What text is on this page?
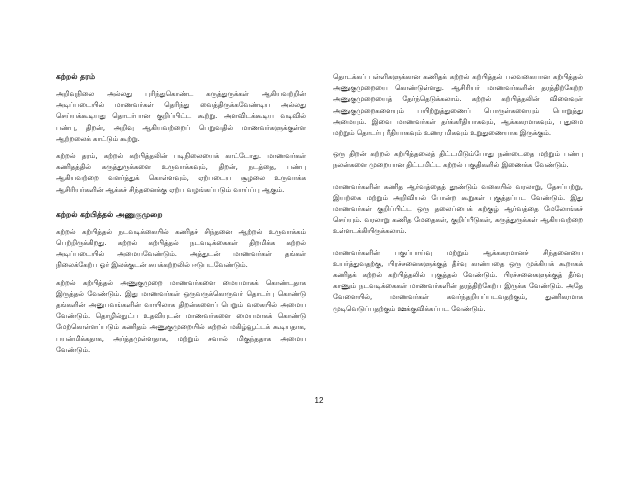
கற்றல் தரம்

அறிவுநிலை அல்லது புரிந்துகொண்ட கருத்துருக்கள் ஆகியவற்றின் அடிப்படையில் மாணவர்கள் தெரிந்து வைத்திருக்கவேண்டிய அல்லது செய்யக்கூடியது தொடர்பான குறிப்பிட்ட கூற்று. அளவிடக்கூடிய வடிவில் பண்பு, திறன், அறிவு ஆகியவற்றைப் பெறுவதில் மாணவர்களுக்குள்ள ஆற்றலைக் காட்டும் கூற்று.

கற்றல் தரம், கற்றல் கற்பித்தலின் படிநிலையைக் காட்டோது. மாணவர்கள் கணிதத்தில் கருத்துருக்களை உருவாக்கவும், திறன், நடத்தை, பண்பு ஆகியவற்றை வளர்த்துக் கொள்ளவும், ஏற்படைய சூழலை உருவாக்க ஆசிரியர்களின் ஆக்கச் சிந்தனைக்கு ஏற்ப வழங்கப்படும் வாய்ப்பு ஆகும்.

கற்றல் கற்பித்தல் அணுகுமுறை

கற்றல் கற்பித்தல் நடவடிக்கையில் கணிதச் சிந்தனை ஆற்றல் உருவாக்கம் பெற்றிருக்கிறது. கற்றல் கற்பித்தல் நடவடிக்கைகள் திறமிக்க கற்றல் அடிப்படையில் அமையவேண்டும். அத்துடன் மாணவர்கள் தங்கள் நிலைக்கேற்ப ஓர் இலக்குடன் சுயக்கற்றலில் ஈடுபடவேண்டும்.

கற்றல் கற்பித்தல் அணுகுமுறை மாணவர்களை மையமாகக் கொண்டதாக இருத்தல் வேண்டும். இது மாணவர்கள் ஒருவருக்கொருவர் தொடர்பு கொண்டு தங்களின் அனுபவங்களின் வாயிலாக திறன்களைப் பெறும் வகையில் அமைய வேண்டும். தொழில்நுட்ப உதவியுடன் மாணவர்களை மையமாகக் கொண்டு மேற்கொள்ளப்படும் கணிதம் அணுகுமுறையில் கற்றல் மகிழ்வூட்டக் கூடியதாக, பயன்மிக்கதாக, அர்த்தமுள்ளதாக, மற்றும் சவால் மிகுந்ததாக அமைய வேண்டும்.

தொடக்கப் பள்ளிகளுக்கான கணிதக் கற்றல் கற்பித்தல் பலவகையான கற்பித்தல் அணுகுமுறையை கொண்டுள்ளது. ஆசிரியர் மாணவர்களின் தரத்திற்கேற்ற அணுகுமுறையைத் தேர்ந்தெடுக்கலாம். கற்றல் கற்பித்தலின் விளைவுள் அணுகுமுறைகளையும் பயிற்றுத்துணைப் பொருள்களையும் பொறுத்து அமையும். இவை மாணவர்கள் தர்க்கரீதியாகவும், ஆக்ககரமாகவும், புதுமை மற்றும் தொடர்பு ரீதியாகவும் உணர மிகவும் உறுதுணையாக இருக்கும்.

ஒரு திறன் கற்றல் கற்பித்தலைத் திட்டமிடும்போது நண்டைதை மற்றும் பண்பு நலன்களை முறையான திட்டமிட்ட கற்றல் பகுதிகளில் இணைக்க வேண்டும்.

மாணவர்களின் கணித ஆர்வத்தைத் தூண்டும் வகையில் வரலாறு, தேசப்பற்று, இயற்கை மற்றும் அறிவியல் போன்ற கூறுகள் புகுத்தப்பட வேண்டும். இது மாணவர்கள் குறிப்பிட்ட ஒரு தலைப்பைக் கற்குழ் ஆர்வத்தை மேலோங்கச் செய்யும். வரலாறு கணித மேதைகள், குறிப்பீடுகள், கருத்துருக்கள் ஆகியவற்றை உள்ளடக்கியிருக்கலாம்.

மாணவர்களின் பகுப்பாய்வு மற்றும் ஆக்ககரமானச் சிந்தனையை உயர்த்துவதற்கு, பிரச்சனைகளுக்குத் தீர்வு காண்பதை ஒரு முக்கியக் கூறாகக் கணிதக் கற்றல் கற்பித்தலில் புகுத்தல் வேண்டும். பிரச்சனைகளுக்குத் தீர்வு காணும் நடவடிக்கைகள் மாணவர்களின் தரத்திற்கேற்ப இருக்க வேண்டும். அதே வேளையில், மாணவர்கள் கவர்ந்தறியப்படவதற்கும், துணிகரமாக முடிவெடுப்பதற்கும் ஊக்குவிக்கப்பட வேண்டும்.

12
